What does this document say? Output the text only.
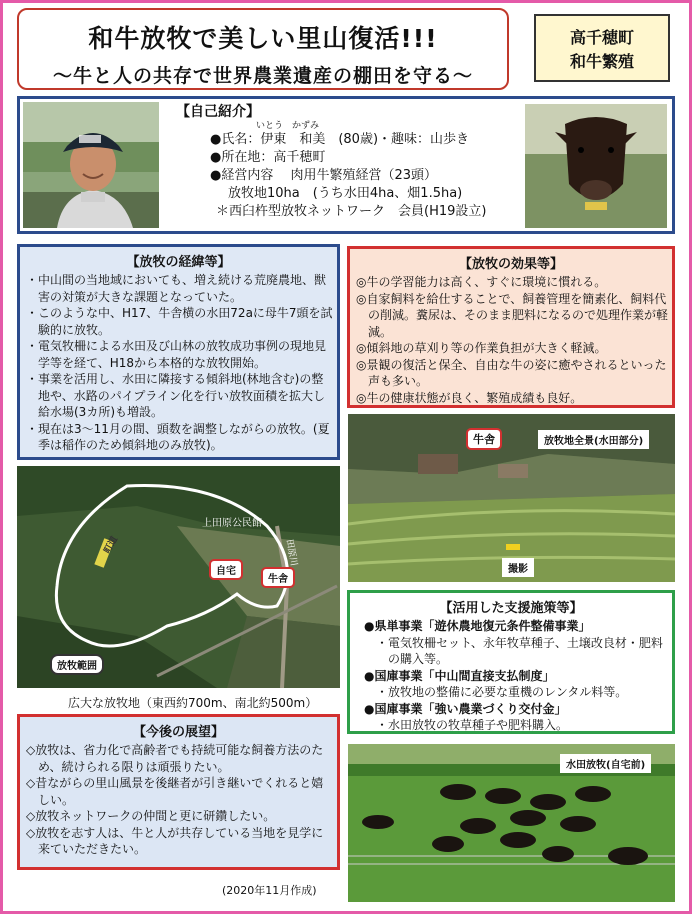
和牛放牧で美しい里山復活!!!
～牛と人の共存で世界農業遺産の棚田を守る～
高千穂町
和牛繁殖
【自己紹介】
いとう　かずみ
●氏名：伊東　和美　(80歳)・趣味：山歩き
●所在地：高千穂町
●経営内容　 肉用牛繁殖経営（23頭）
放牧地10ha　(うち水田4ha、畑1.5ha)
＊西臼杵型放牧ネットワーク　会員(H19設立)
【放牧の経緯等】
・中山間の当地域においても、増え続ける荒廃農地、獣害の対策が大きな課題となっていた。
・このような中、H17、牛舎横の水田72aに母牛7頭を試験的に放牧。
・電気牧柵による水田及び山林の放牧成功事例の現地見学等を経て、H18から本格的な放牧開始。
・事業を活用し、水田に隣接する傾斜地(林地含む)の整地や、水路のパイプライン化を行い放牧面積を拡大し給水場(3カ所)も増設。
・現在は3～11月の間、頭数を調整しながらの放牧。(夏季は稲作のため傾斜地のみ放牧)。
【放牧の効果等】
◎牛の学習能力は高く、すぐに環境に慣れる。
◎自家飼料を給仕することで、飼養管理を簡素化、飼料代の削減。糞尿は、そのまま肥料になるので処理作業が軽減。
◎傾斜地の草刈り等の作業負担が大きく軽減。
◎景観の復活と保全、自由な牛の姿に癒やされるといった声も多い。
◎牛の健康状態が良く、繁殖成績も良好。
町道
上田原公民館
田原川
自宅
牛舎
放牧範囲
広大な放牧地（東西約700m、南北約500m）
牛舎	放牧地全景(水田部分)
撮影
【活用した支援施策等】
●県単事業「遊休農地復元条件整備事業」
・電気牧柵セット、永年牧草種子、土壌改良材・肥料の購入等。
●国庫事業「中山間直接支払制度」
・放牧地の整備に必要な重機のレンタル料等。
●国庫事業「強い農業づくり交付金」
・水田放牧の牧草種子や肥料購入。
【今後の展望】
◇放牧は、省力化で高齢者でも持続可能な飼養方法のため、続けられる限りは頑張りたい。
◇昔ながらの里山風景を後継者が引き継いでくれると嬉しい。
◇放牧ネットワークの仲間と更に研鑽したい。
◇放牧を志す人は、牛と人が共存している当地を見学に来ていただきたい。
水田放牧(自宅前)
(2020年11月作成)
